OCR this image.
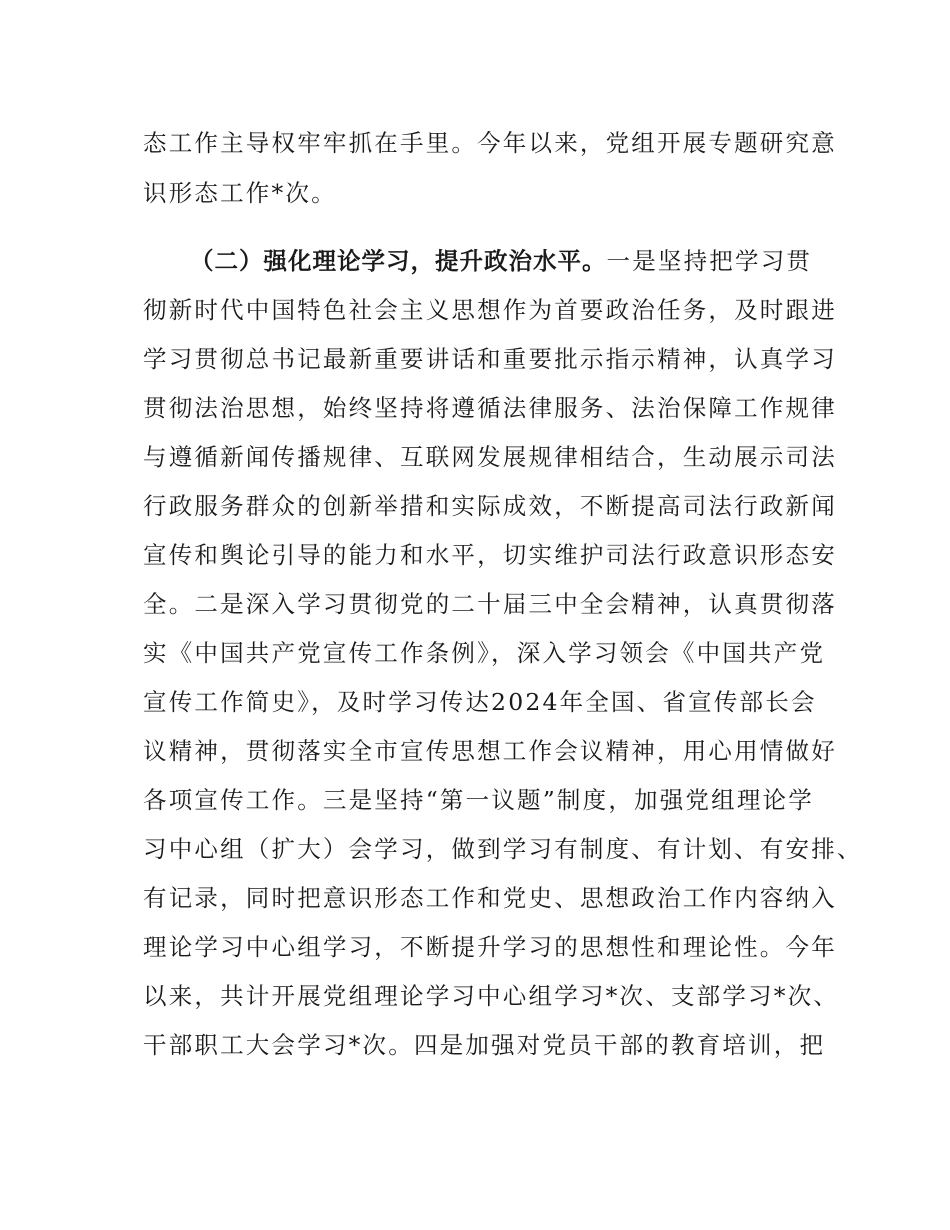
态工作主导权牢牢抓在手里。今年以来，党组开展专题研究意
识形态工作*次。
（二）强化理论学习，提升政治水平。一是坚持把学习贯
彻新时代中国特色社会主义思想作为首要政治任务，及时跟进
学习贯彻总书记最新重要讲话和重要批示指示精神，认真学习
贯彻法治思想，始终坚持将遵循法律服务、法治保障工作规律
与遵循新闻传播规律、互联网发展规律相结合，生动展示司法
行政服务群众的创新举措和实际成效，不断提高司法行政新闻
宣传和舆论引导的能力和水平，切实维护司法行政意识形态安
全。二是深入学习贯彻党的二十届三中全会精神，认真贯彻落
实《中国共产党宣传工作条例》，深入学习领会《中国共产党
宣传工作简史》，及时学习传达2024年全国、省宣传部长会
议精神，贯彻落实全市宣传思想工作会议精神，用心用情做好
各项宣传工作。三是坚持“第一议题”制度，加强党组理论学
习中心组（扩大）会学习，做到学习有制度、有计划、有安排、
有记录，同时把意识形态工作和党史、思想政治工作内容纳入
理论学习中心组学习，不断提升学习的思想性和理论性。今年
以来，共计开展党组理论学习中心组学习*次、支部学习*次、
干部职工大会学习*次。四是加强对党员干部的教育培训，把
